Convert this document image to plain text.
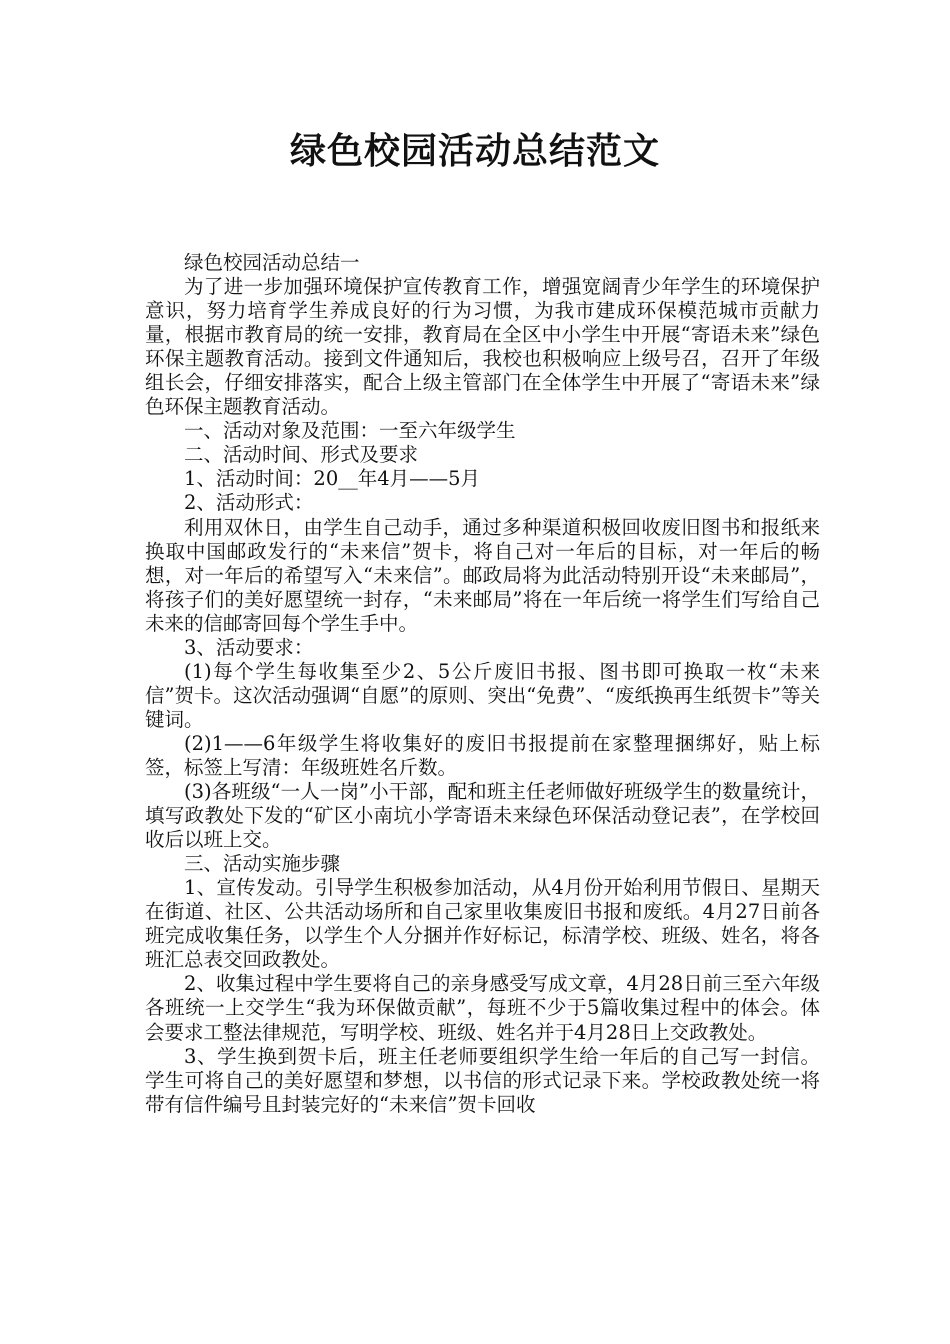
绿色校园活动总结范文

绿色校园活动总结一

为了进一步加强环境保护宣传教育工作，增强宽阔青少年学生的环境保护意识，努力培育学生养成良好的行为习惯，为我市建成环保模范城市贡献力量，根据市教育局的统一安排，教育局在全区中小学生中开展“寄语未来”绿色环保主题教育活动。接到文件通知后，我校也积极响应上级号召，召开了年级组长会，仔细安排落实，配合上级主管部门在全体学生中开展了“寄语未来”绿色环保主题教育活动。

一、活动对象及范围：一至六年级学生

二、活动时间、形式及要求

1、活动时间：20__年4月——5月

2、活动形式：

利用双休日，由学生自己动手，通过多种渠道积极回收废旧图书和报纸来换取中国邮政发行的“未来信”贺卡，将自己对一年后的目标，对一年后的畅想，对一年后的希望写入“未来信”。邮政局将为此活动特别开设“未来邮局”，将孩子们的美好愿望统一封存，“未来邮局”将在一年后统一将学生们写给自己未来的信邮寄回每个学生手中。

3、活动要求：

(1)每个学生每收集至少2、5公斤废旧书报、图书即可换取一枚“未来信”贺卡。这次活动强调“自愿”的原则、突出“免费”、“废纸换再生纸贺卡”等关键词。

(2)1——6年级学生将收集好的废旧书报提前在家整理捆绑好，贴上标签，标签上写清：年级班姓名斤数。

(3)各班级“一人一岗”小干部，配和班主任老师做好班级学生的数量统计，填写政教处下发的“矿区小南坑小学寄语未来绿色环保活动登记表”，在学校回收后以班上交。

三、活动实施步骤

1、宣传发动。引导学生积极参加活动，从4月份开始利用节假日、星期天在街道、社区、公共活动场所和自己家里收集废旧书报和废纸。4月27日前各班完成收集任务，以学生个人分捆并作好标记，标清学校、班级、姓名，将各班汇总表交回政教处。

2、收集过程中学生要将自己的亲身感受写成文章，4月28日前三至六年级各班统一上交学生“我为环保做贡献”，每班不少于5篇收集过程中的体会。体会要求工整法律规范，写明学校、班级、姓名并于4月28日上交政教处。

3、学生换到贺卡后，班主任老师要组织学生给一年后的自己写一封信。学生可将自己的美好愿望和梦想，以书信的形式记录下来。学校政教处统一将带有信件编号且封装完好的“未来信”贺卡回收
